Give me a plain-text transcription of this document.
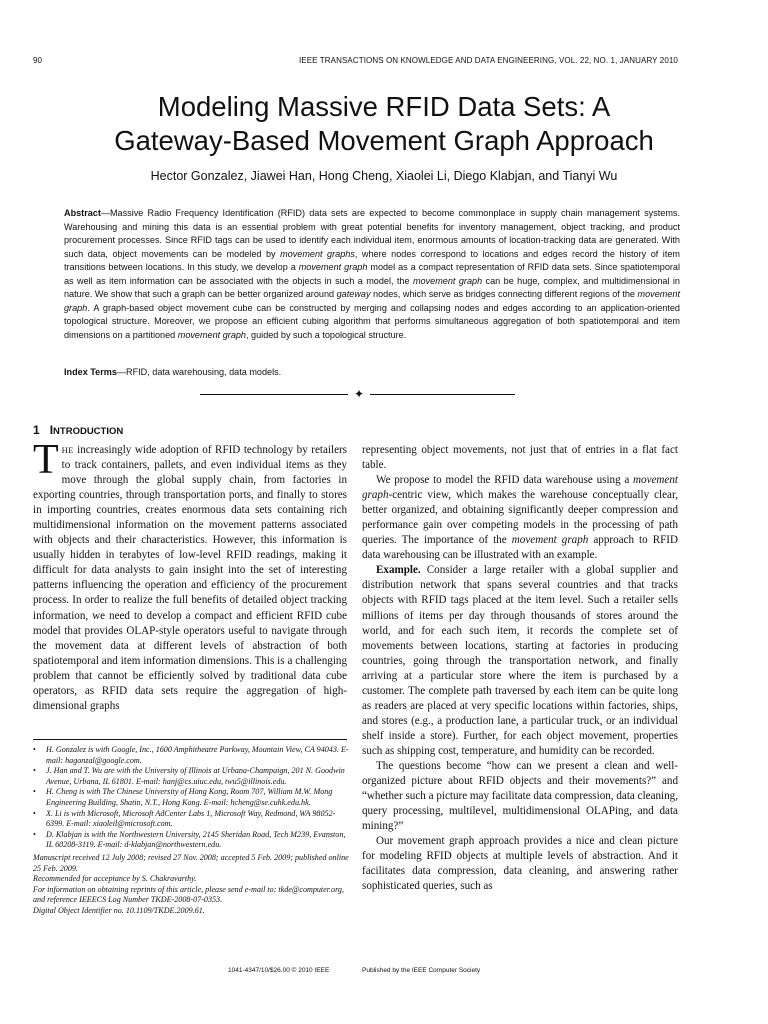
90	IEEE TRANSACTIONS ON KNOWLEDGE AND DATA ENGINEERING, VOL. 22, NO. 1, JANUARY 2010
Modeling Massive RFID Data Sets: A
Gateway-Based Movement Graph Approach
Hector Gonzalez, Jiawei Han, Hong Cheng, Xiaolei Li, Diego Klabjan, and Tianyi Wu
Abstract—Massive Radio Frequency Identification (RFID) data sets are expected to become commonplace in supply chain management systems. Warehousing and mining this data is an essential problem with great potential benefits for inventory management, object tracking, and product procurement processes. Since RFID tags can be used to identify each individual item, enormous amounts of location-tracking data are generated. With such data, object movements can be modeled by movement graphs, where nodes correspond to locations and edges record the history of item transitions between locations. In this study, we develop a movement graph model as a compact representation of RFID data sets. Since spatiotemporal as well as item information can be associated with the objects in such a model, the movement graph can be huge, complex, and multidimensional in nature. We show that such a graph can be better organized around gateway nodes, which serve as bridges connecting different regions of the movement graph. A graph-based object movement cube can be constructed by merging and collapsing nodes and edges according to an application-oriented topological structure. Moreover, we propose an efficient cubing algorithm that performs simultaneous aggregation of both spatiotemporal and item dimensions on a partitioned movement graph, guided by such a topological structure.
Index Terms—RFID, data warehousing, data models.
✦
1 INTRODUCTION

THE increasingly wide adoption of RFID technology by retailers to track containers, pallets, and even individual items as they move through the global supply chain, from factories in exporting countries, through transportation ports, and finally to stores in importing countries, creates enormous data sets containing rich multidimensional information on the movement patterns associated with objects and their characteristics. However, this information is usually hidden in terabytes of low-level RFID readings, making it difficult for data analysts to gain insight into the set of interesting patterns influencing the operation and efficiency of the procurement process. In order to realize the full benefits of detailed object tracking information, we need to develop a compact and efficient RFID cube model that provides OLAP-style operators useful to navigate through the movement data at different levels of abstraction of both spatiotemporal and item information dimensions. This is a challenging problem that cannot be efficiently solved by traditional data cube operators, as RFID data sets require the aggregation of high-dimensional graphs

representing object movements, not just that of entries in a flat fact table.

We propose to model the RFID data warehouse using a movement graph-centric view, which makes the warehouse conceptually clear, better organized, and obtaining significantly deeper compression and performance gain over competing models in the processing of path queries. The importance of the movement graph approach to RFID data warehousing can be illustrated with an example.

Example. Consider a large retailer with a global supplier and distribution network that spans several countries and that tracks objects with RFID tags placed at the item level. Such a retailer sells millions of items per day through thousands of stores around the world, and for each such item, it records the complete set of movements between locations, starting at factories in producing countries, going through the transportation network, and finally arriving at a particular store where the item is purchased by a customer. The complete path traversed by each item can be quite long as readers are placed at very specific locations within factories, ships, and stores (e.g., a production lane, a particular truck, or an individual shelf inside a store). Further, for each object movement, properties such as shipping cost, temperature, and humidity can be recorded.

The questions become “how can we present a clean and well-organized picture about RFID objects and their movements?” and “whether such a picture may facilitate data compression, data cleaning, query processing, multilevel, multidimensional OLAPing, and data mining?”

Our movement graph approach provides a nice and clean picture for modeling RFID objects at multiple levels of abstraction. And it facilitates data compression, data cleaning, and answering rather sophisticated queries, such as

• H. Gonzalez is with Google, Inc., 1600 Amphitheatre Parkway, Mountain View, CA 94043. E-mail: hagonzal@google.com.
• J. Han and T. Wu are with the University of Illinois at Urbana-Champaign, 201 N. Goodwin Avenue, Urbana, IL 61801. E-mail: hanj@cs.uiuc.edu, twu5@illinois.edu.
• H. Cheng is with The Chinese University of Hong Kong, Room 707, William M.W. Mong Engineering Building, Shatin, N.T., Hong Kong. E-mail: hcheng@se.cuhk.edu.hk.
• X. Li is with Microsoft, Microsoft AdCenter Labs 1, Microsoft Way, Redmond, WA 98052-6399. E-mail: xiaoleil@microsoft.com.
• D. Klabjan is with the Northwestern University, 2145 Sheridan Road, Tech M239, Evanston, IL 60208-3119. E-mail: d-klabjan@northwestern.edu.
Manuscript received 12 July 2008; revised 27 Nov. 2008; accepted 5 Feb. 2009; published online 25 Feb. 2009.
Recommended for acceptance by S. Chakravarthy.
For information on obtaining reprints of this article, please send e-mail to: tkde@computer.org, and reference IEEECS Log Number TKDE-2008-07-0353.
Digital Object Identifier no. 10.1109/TKDE.2009.61.
1041-4347/10/$26.00 © 2010 IEEE	Published by the IEEE Computer Society
